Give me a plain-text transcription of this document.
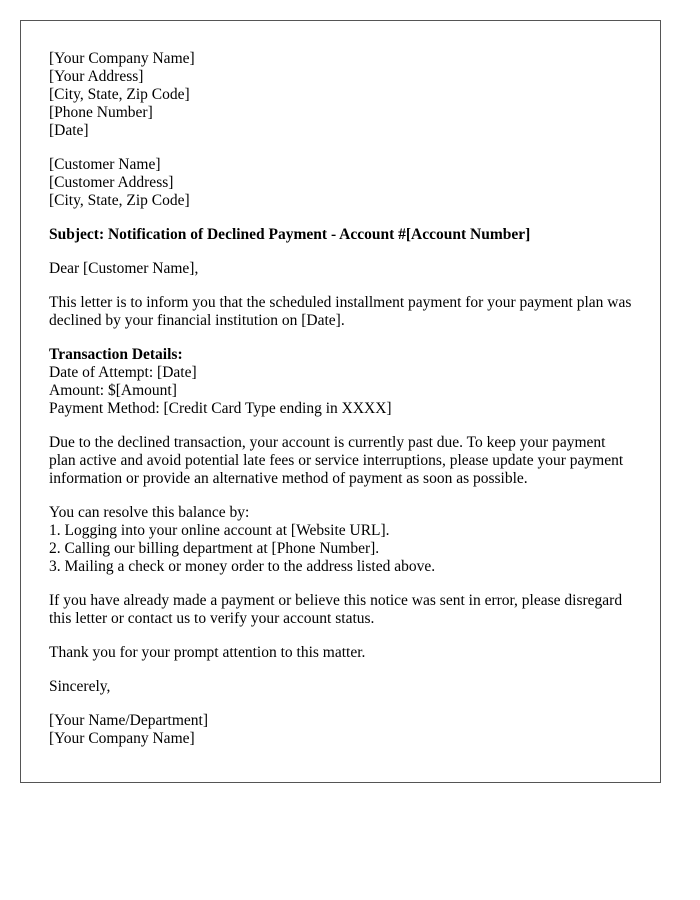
[Your Company Name]
[Your Address]
[City, State, Zip Code]
[Phone Number]
[Date]
[Customer Name]
[Customer Address]
[City, State, Zip Code]
Subject: Notification of Declined Payment - Account #[Account Number]
Dear [Customer Name],
This letter is to inform you that the scheduled installment payment for your payment plan was declined by your financial institution on [Date].
Transaction Details:
Date of Attempt: [Date]
Amount: $[Amount]
Payment Method: [Credit Card Type ending in XXXX]
Due to the declined transaction, your account is currently past due. To keep your payment plan active and avoid potential late fees or service interruptions, please update your payment information or provide an alternative method of payment as soon as possible.
You can resolve this balance by:
1. Logging into your online account at [Website URL].
2. Calling our billing department at [Phone Number].
3. Mailing a check or money order to the address listed above.
If you have already made a payment or believe this notice was sent in error, please disregard this letter or contact us to verify your account status.
Thank you for your prompt attention to this matter.
Sincerely,
[Your Name/Department]
[Your Company Name]
